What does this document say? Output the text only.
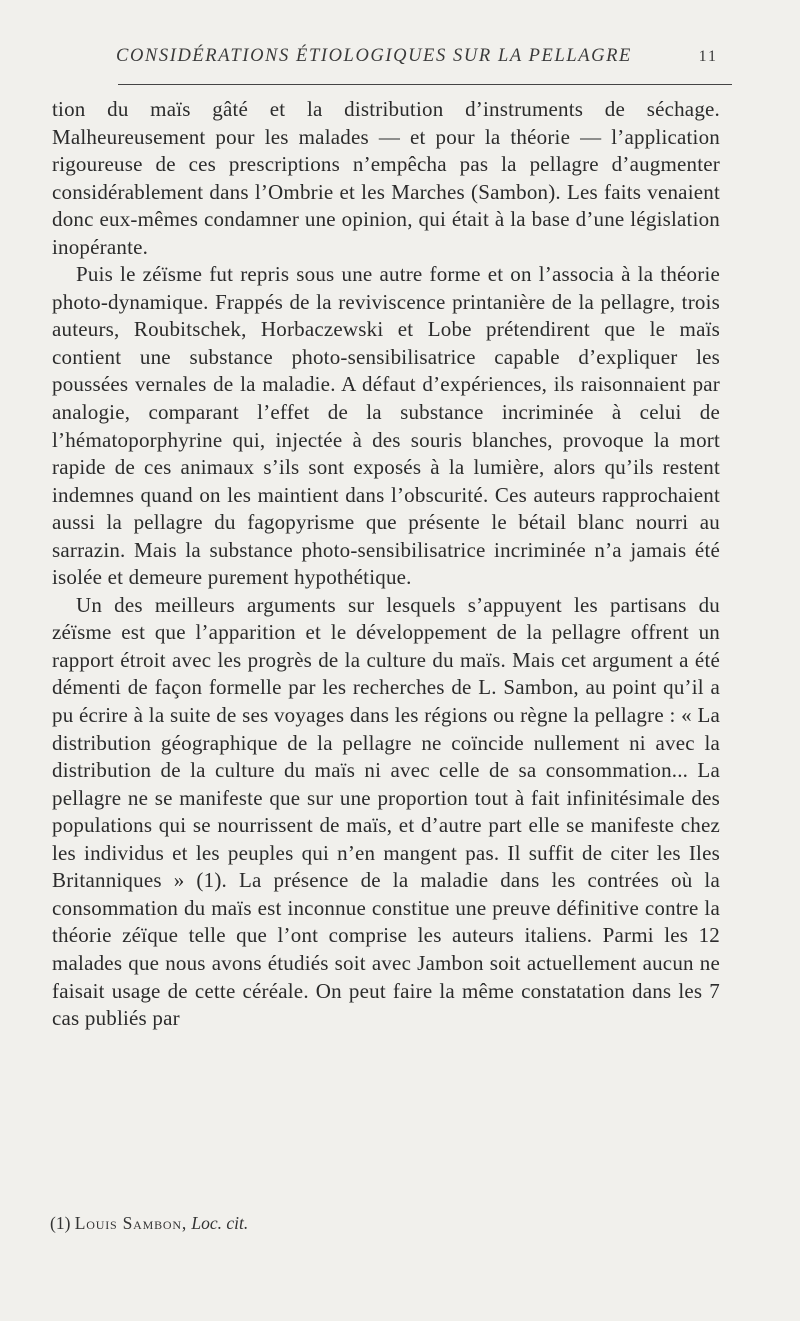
CONSIDÉRATIONS ÉTIOLOGIQUES SUR LA PELLAGRE	11

tion du maïs gâté et la distribution d’instruments de séchage. Malheureusement pour les malades — et pour la théorie — l’application rigoureuse de ces prescriptions n’empêcha pas la pellagre d’augmenter considérablement dans l’Ombrie et les Marches (Sambon). Les faits venaient donc eux-mêmes condamner une opinion, qui était à la base d’une législation inopérante.

Puis le zéïsme fut repris sous une autre forme et on l’associa à la théorie photo-dynamique. Frappés de la reviviscence printanière de la pellagre, trois auteurs, Roubitschek, Horbaczewski et Lobe prétendirent que le maïs contient une substance photo-sensibilisatrice capable d’expliquer les poussées vernales de la maladie. A défaut d’expériences, ils raisonnaient par analogie, comparant l’effet de la substance incriminée à celui de l’hématoporphyrine qui, injectée à des souris blanches, provoque la mort rapide de ces animaux s’ils sont exposés à la lumière, alors qu’ils restent indemnes quand on les maintient dans l’obscurité. Ces auteurs rapprochaient aussi la pellagre du fagopyrisme que présente le bétail blanc nourri au sarrazin. Mais la substance photo-sensibilisatrice incriminée n’a jamais été isolée et demeure purement hypothétique.

Un des meilleurs arguments sur lesquels s’appuyent les partisans du zéïsme est que l’apparition et le développement de la pellagre offrent un rapport étroit avec les progrès de la culture du maïs. Mais cet argument a été démenti de façon formelle par les recherches de L. Sambon, au point qu’il a pu écrire à la suite de ses voyages dans les régions ou règne la pellagre : « La distribution géographique de la pellagre ne coïncide nullement ni avec la distribution de la culture du maïs ni avec celle de sa consommation... La pellagre ne se manifeste que sur une proportion tout à fait infinitésimale des populations qui se nourrissent de maïs, et d’autre part elle se manifeste chez les individus et les peuples qui n’en mangent pas. Il suffit de citer les Iles Britanniques » (1). La présence de la maladie dans les contrées où la consommation du maïs est inconnue constitue une preuve définitive contre la théorie zéïque telle que l’ont comprise les auteurs italiens. Parmi les 12 malades que nous avons étudiés soit avec Jambon soit actuellement aucun ne faisait usage de cette céréale. On peut faire la même constatation dans les 7 cas publiés par

(1) Louis Sambon, Loc. cit.
